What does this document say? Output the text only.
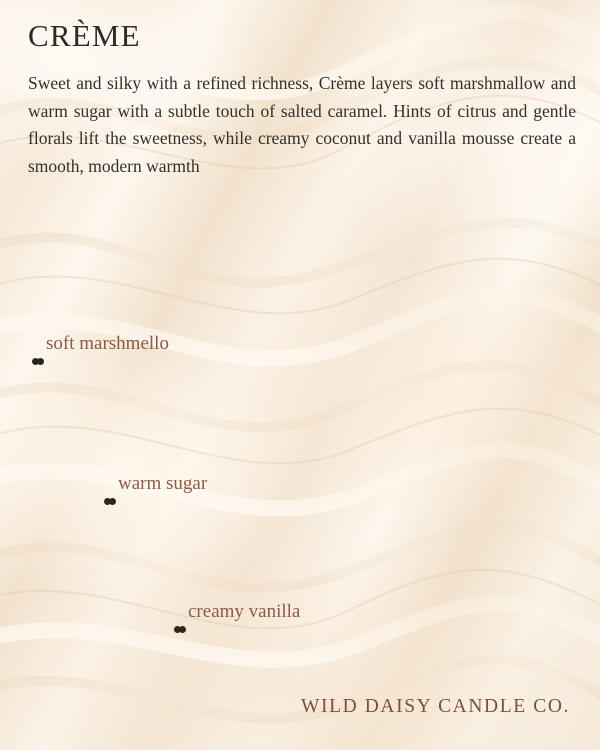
CRÈME
Sweet and silky with a refined richness, Crème layers soft marshmallow and warm sugar with a subtle touch of salted caramel. Hints of citrus and gentle florals lift the sweetness, while creamy coconut and vanilla mousse create a smooth, modern warmth
soft marshmello
warm sugar
creamy vanilla
WILD DAISY CANDLE CO.
